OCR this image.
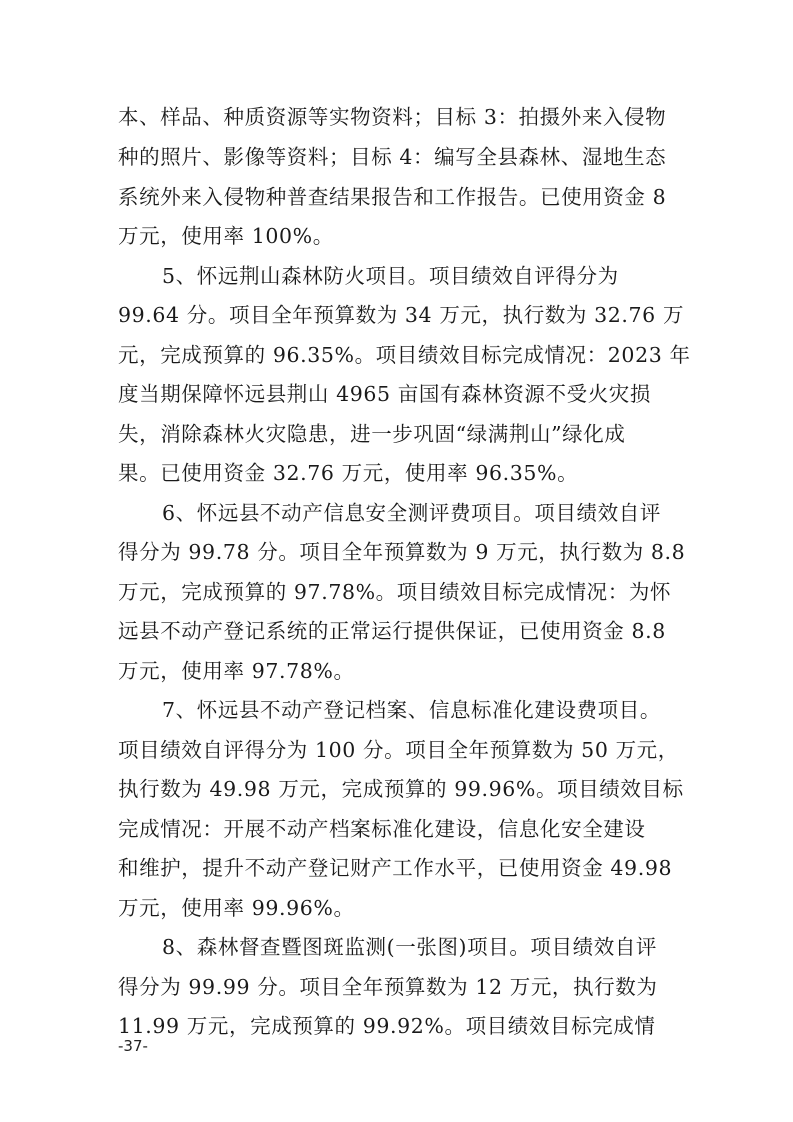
本、样品、种质资源等实物资料；目标 3：拍摄外来入侵物
种的照片、影像等资料；目标 4：编写全县森林、湿地生态
系统外来入侵物种普查结果报告和工作报告。已使用资金 8
万元，使用率 100%。
5、怀远荆山森林防火项目。项目绩效自评得分为
99.64 分。项目全年预算数为 34 万元，执行数为 32.76 万
元，完成预算的 96.35%。项目绩效目标完成情况：2023 年
度当期保障怀远县荆山 4965 亩国有森林资源不受火灾损
失，消除森林火灾隐患，进一步巩固“绿满荆山”绿化成
果。已使用资金 32.76 万元，使用率 96.35%。
6、怀远县不动产信息安全测评费项目。项目绩效自评
得分为 99.78 分。项目全年预算数为 9 万元，执行数为 8.8
万元，完成预算的 97.78%。项目绩效目标完成情况：为怀
远县不动产登记系统的正常运行提供保证，已使用资金 8.8
万元，使用率 97.78%。
7、怀远县不动产登记档案、信息标准化建设费项目。
项目绩效自评得分为 100 分。项目全年预算数为 50 万元，
执行数为 49.98 万元，完成预算的 99.96%。项目绩效目标
完成情况：开展不动产档案标准化建设，信息化安全建设
和维护，提升不动产登记财产工作水平，已使用资金 49.98
万元，使用率 99.96%。
8、森林督查暨图斑监测(一张图)项目。项目绩效自评
得分为 99.99 分。项目全年预算数为 12 万元，执行数为
11.99 万元，完成预算的 99.92%。项目绩效目标完成情
-37-
